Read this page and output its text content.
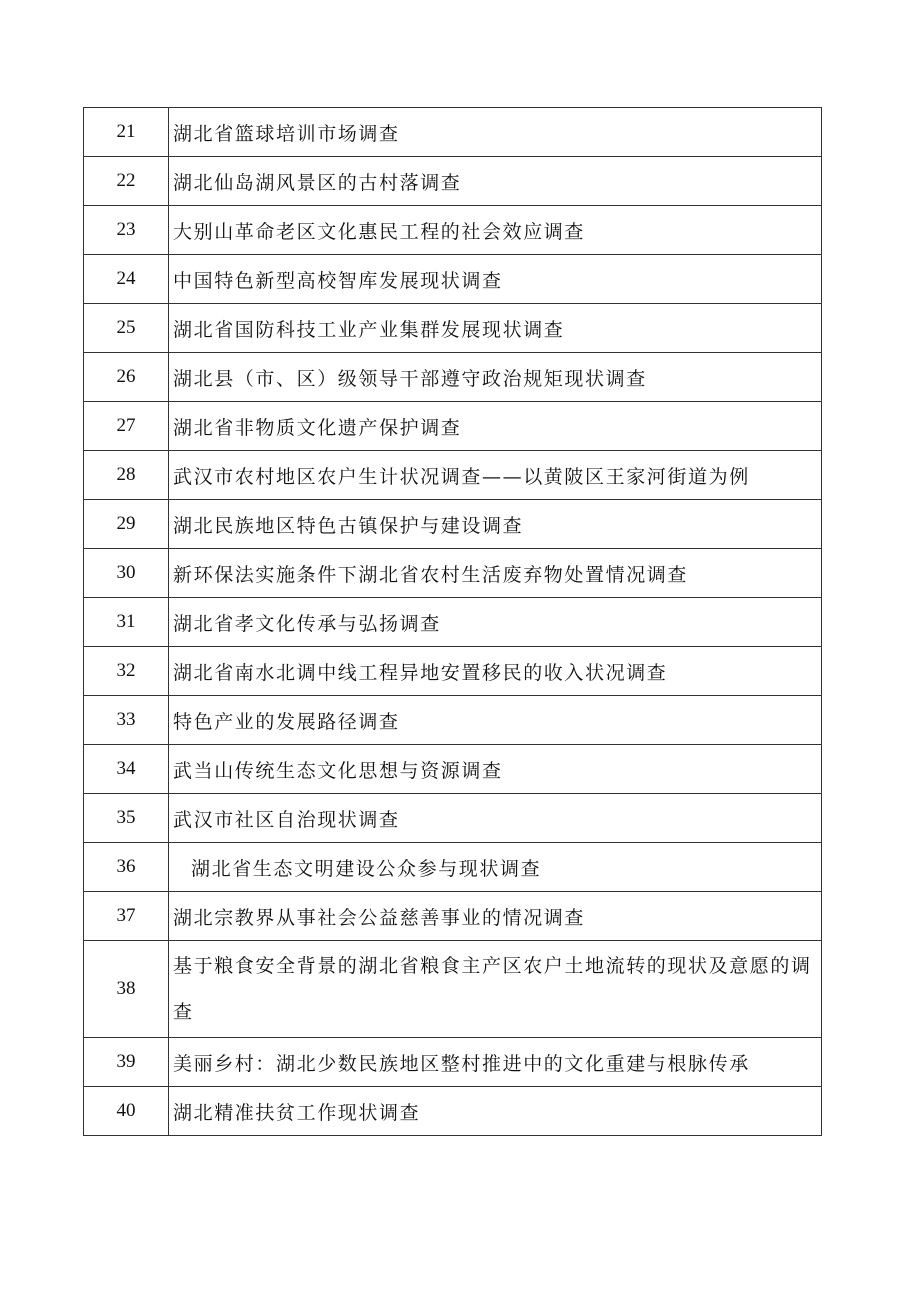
21	湖北省篮球培训市场调查
22	湖北仙岛湖风景区的古村落调查
23	大别山革命老区文化惠民工程的社会效应调查
24	中国特色新型高校智库发展现状调查
25	湖北省国防科技工业产业集群发展现状调查
26	湖北县（市、区）级领导干部遵守政治规矩现状调查
27	湖北省非物质文化遗产保护调查
28	武汉市农村地区农户生计状况调查——以黄陂区王家河街道为例
29	湖北民族地区特色古镇保护与建设调查
30	新环保法实施条件下湖北省农村生活废弃物处置情况调查
31	湖北省孝文化传承与弘扬调查
32	湖北省南水北调中线工程异地安置移民的收入状况调查
33	特色产业的发展路径调查
34	武当山传统生态文化思想与资源调查
35	武汉市社区自治现状调查
36	湖北省生态文明建设公众参与现状调查
37	湖北宗教界从事社会公益慈善事业的情况调查
38	基于粮食安全背景的湖北省粮食主产区农户土地流转的现状及意愿的调查
39	美丽乡村：湖北少数民族地区整村推进中的文化重建与根脉传承
40	湖北精准扶贫工作现状调查
